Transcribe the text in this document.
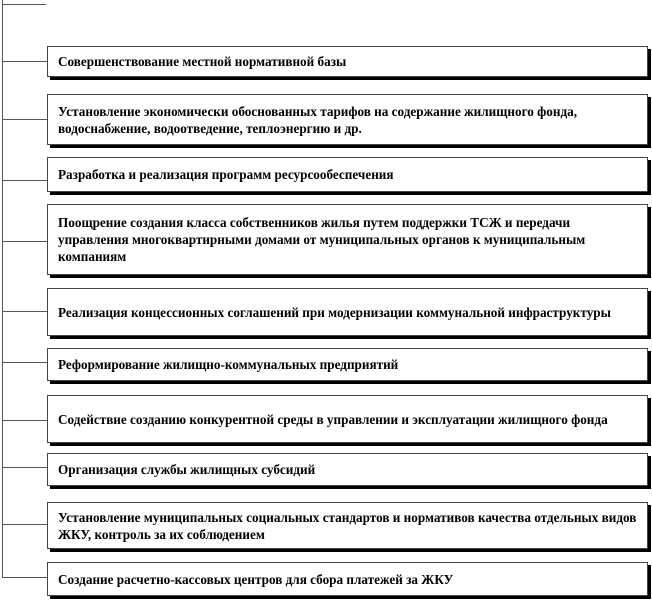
Совершенствование местной нормативной базы
Установление экономически обоснованных тарифов на содержание жилищного фонда, водоснабжение, водоотведение, теплоэнергию и др.
Разработка и реализация программ ресурсообеспечения
Поощрение создания класса собственников жилья путем поддержки ТСЖ и передачи управления многоквартирными домами от муниципальных органов к муниципальным компаниям
Реализация концессионных соглашений при модернизации коммунальной инфраструктуры
Реформирование жилищно-коммунальных предприятий
Содействие созданию конкурентной среды в управлении и эксплуатации жилищного фонда
Организация службы жилищных субсидий
Установление муниципальных социальных стандартов и нормативов качества отдельных видов ЖКУ, контроль за их соблюдением
Создание расчетно-кассовых центров для сбора платежей за ЖКУ
